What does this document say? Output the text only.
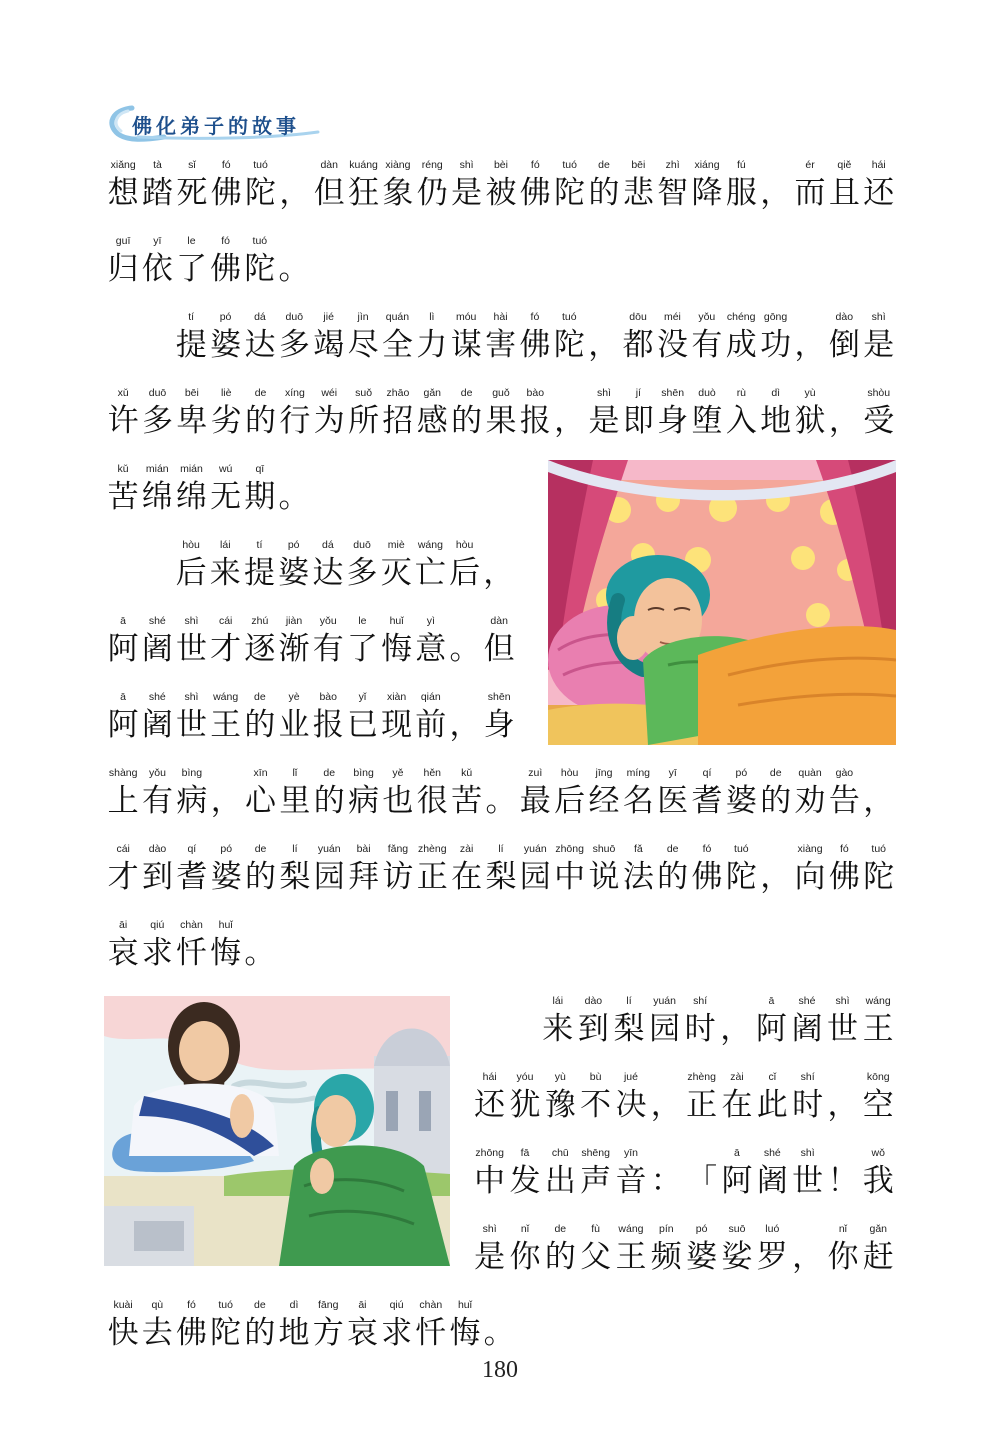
佛化弟子的故事
xiǎng
想
tà
踏
sǐ
死
fó
佛
tuó
陀 ，
dàn
但
kuáng
狂
xiàng
象
réng
仍
shì
是
bèi
被
fó
佛
tuó
陀
de
的
bēi
悲
zhì
智
xiáng
降
fú
服 ，
ér
而
qiě
且
hái
还
guī
归
yī
依
le
了
fó
佛
tuó
陀 。
tí
提
pó
婆
dá
达
duō
多
jié
竭
jìn
尽
quán
全
lì
力
móu
谋
hài
害
fó
佛
tuó
陀 ，
dōu
都
méi
没
yǒu
有
chéng
成
gōng
功 ，
dào
倒
shì
是
xǔ
许
duō
多
bēi
卑
liè
劣
de
的
xíng
行
wéi
为
suǒ
所
zhāo
招
gǎn
感
de
的
guǒ
果
bào
报 ，
shì
是
jí
即
shēn
身
duò
堕
rù
入
dì
地
yù
狱 ，
shòu
受
kǔ
苦
mián
绵
mián
绵
wú
无
qī
期 。
hòu
后
lái
来
tí
提
pó
婆
dá
达
duō
多
miè
灭
wáng
亡
hòu
后 ，
ā
阿
shé
阇
shì
世
cái
才
zhú
逐
jiàn
渐
yǒu
有
le
了
huǐ
悔
yì
意 。
dàn
但
ā
阿
shé
阇
shì
世
wáng
王
de
的
yè
业
bào
报
yǐ
已
xiàn
现
qián
前 ，
shēn
身
shàng
上
yǒu
有
bìng
病 ，
xīn
心
lǐ
里
de
的
bìng
病
yě
也
hěn
很
kǔ
苦 。
zuì
最
hòu
后
jīng
经
míng
名
yī
医
qí
耆
pó
婆
de
的
quàn
劝
gào
告 ，
cái
才
dào
到
qí
耆
pó
婆
de
的
lí
梨
yuán
园
bài
拜
fǎng
访
zhèng
正
zài
在
lí
梨
yuán
园
zhōng
中
shuō
说
fǎ
法
de
的
fó
佛
tuó
陀 ，
xiàng
向
fó
佛
tuó
陀
āi
哀
qiú
求
chàn
忏
huǐ
悔 。
lái
来
dào
到
lí
梨
yuán
园
shí
时 ，
ā
阿
shé
阇
shì
世
wáng
王
hái
还
yóu
犹
yù
豫
bù
不
jué
决 ，
zhèng
正
zài
在
cǐ
此
shí
时 ，
kōng
空
zhōng
中
fā
发
chū
出
shēng
声
yīn
音 ： 「
ā
阿
shé
阇
shì
世 ！
wǒ
我
shì
是
nǐ
你
de
的
fù
父
wáng
王
pín
频
pó
婆
suō
娑
luó
罗 ，
nǐ
你
gǎn
赶
kuài
快
qù
去
fó
佛
tuó
陀
de
的
dì
地
fāng
方
āi
哀
qiú
求
chàn
忏
huǐ
悔 。
180
